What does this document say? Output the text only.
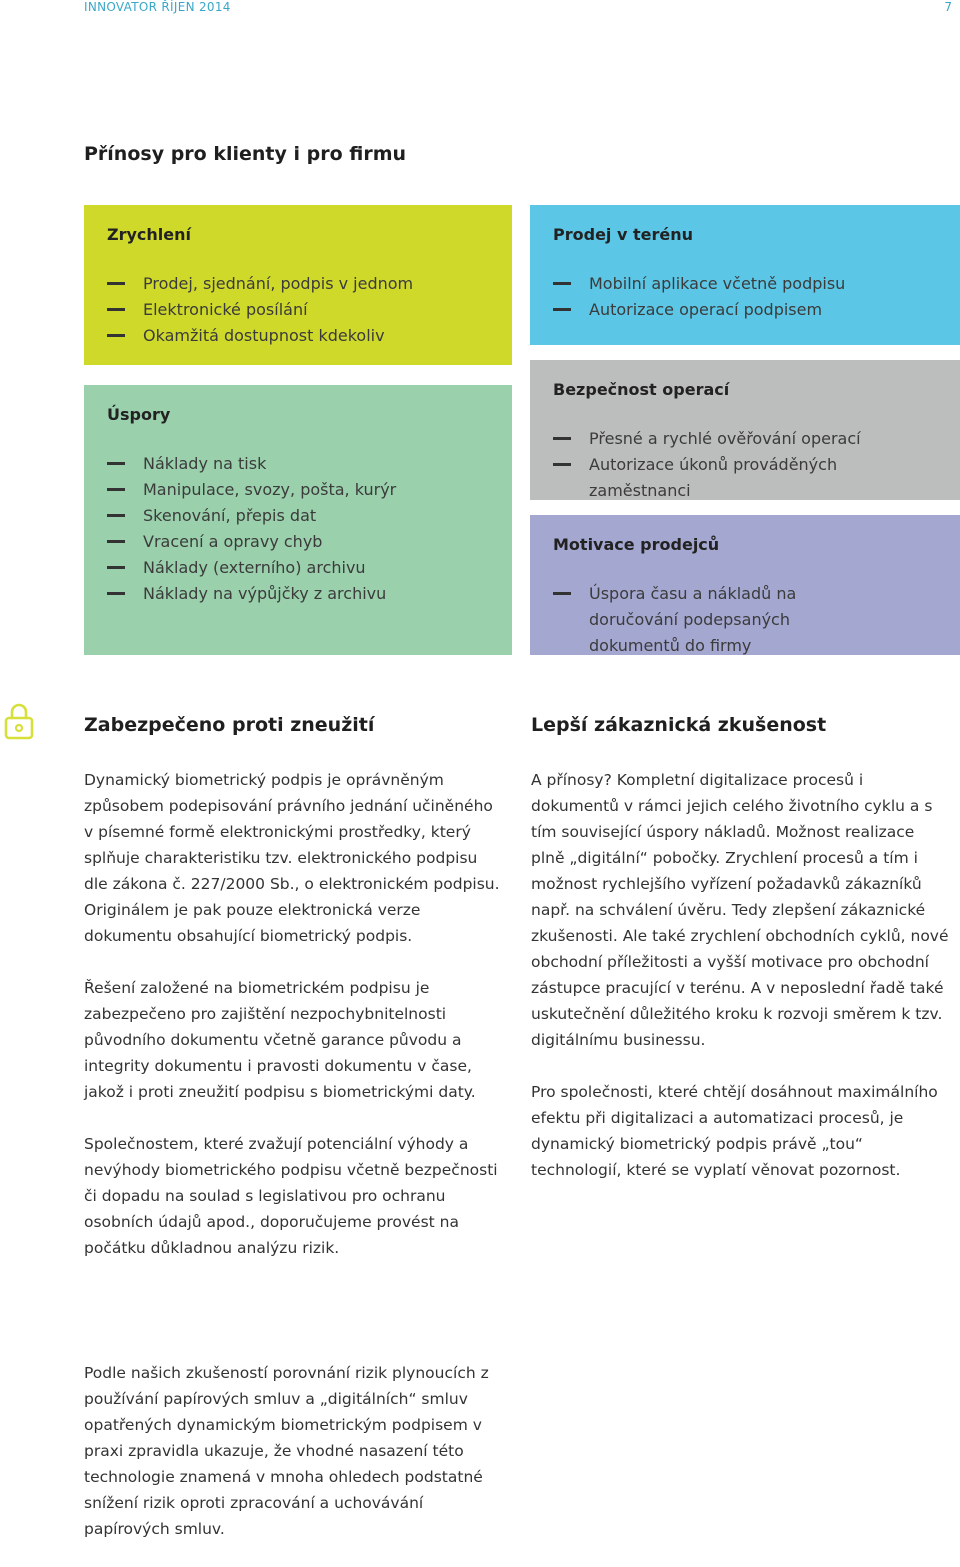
INNOVATOR ŘÍJEN 2014	7
Přínosy pro klienty i pro firmu
Zrychlení
Prodej, sjednání, podpis v jednom
Elektronické posílání
Okamžitá dostupnost kdekoliv
Úspory
Náklady na tisk
Manipulace, svozy, pošta, kurýr
Skenování, přepis dat
Vracení a opravy chyb
Náklady (externího) archivu
Náklady na výpůjčky z archivu
Prodej v terénu
Mobilní aplikace včetně podpisu
Autorizace operací podpisem
Bezpečnost operací
Přesné a rychlé ověřování operací
Autorizace úkonů prováděných zaměstnanci
Motivace prodejců
Úspora času a nákladů na doručování podepsaných dokumentů do firmy
Zabezpečeno proti zneužití

Dynamický biometrický podpis je oprávněným způsobem podepisování právního jednání učiněného v písemné formě elektronickými prostředky, který splňuje charakteristiku tzv. elektronického podpisu dle zákona č. 227/2000 Sb., o elektronickém podpisu. Originálem je pak pouze elektronická verze dokumentu obsahující biometrický podpis.

Řešení založené na biometrickém podpisu je zabezpečeno pro zajištění nezpochybnitelnosti původního dokumentu včetně garance původu a integrity dokumentu i pravosti dokumentu v čase, jakož i proti zneužití podpisu s biometrickými daty.

Společnostem, které zvažují potenciální výhody a nevýhody biometrického podpisu včetně bezpečnosti či dopadu na soulad s legislativou pro ochranu osobních údajů apod., doporučujeme provést na počátku důkladnou analýzu rizik.

Podle našich zkušeností porovnání rizik plynoucích z používání papírových smluv a „digitálních“ smluv opatřených dynamickým biometrickým podpisem v praxi zpravidla ukazuje, že vhodné nasazení této technologie znamená v mnoha ohledech podstatné snížení rizik oproti zpracování a uchovávání papírových smluv.

Lepší zákaznická zkušenost

A přínosy? Kompletní digitalizace procesů i dokumentů v rámci jejich celého životního cyklu a s tím související úspory nákladů. Možnost realizace plně „digitální“ pobočky. Zrychlení procesů a tím i možnost rychlejšího vyřízení požadavků zákazníků např. na schválení úvěru. Tedy zlepšení zákaznické zkušenosti. Ale také zrychlení obchodních cyklů, nové obchodní příležitosti a vyšší motivace pro obchodní zástupce pracující v terénu. A v neposlední řadě také uskutečnění důležitého kroku k rozvoji směrem k tzv. digitálnímu businessu.

Pro společnosti, které chtějí dosáhnout maximálního efektu při digitalizaci a automatizaci procesů, je dynamický biometrický podpis právě „tou“ technologií, které se vyplatí věnovat pozornost.
